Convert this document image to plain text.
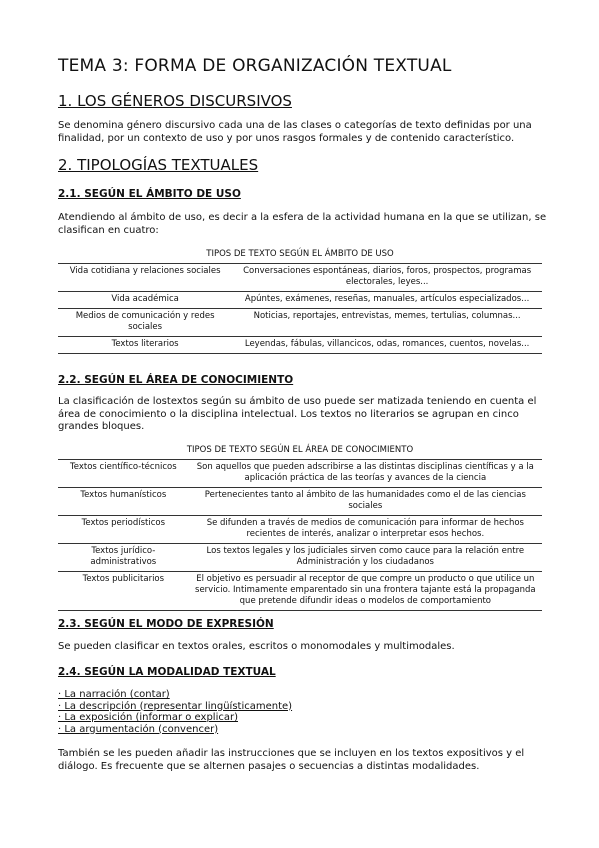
TEMA 3: FORMA DE ORGANIZACIÓN TEXTUAL
1. LOS GÉNEROS DISCURSIVOS

Se denomina género discursivo cada una de las clases o categorías de texto definidas por una finalidad, por un contexto de uso y por unos rasgos formales y de contenido característico.

2. TIPOLOGÍAS TEXTUALES
2.1. SEGÚN EL ÁMBITO DE USO

Atendiendo al ámbito de uso, es decir a la esfera de la actividad humana en la que se utilizan, se clasifican en cuatro:

TIPOS DE TEXTO SEGÚN EL ÁMBITO DE USO	
Vida cotidiana y relaciones sociales	Conversaciones espontáneas, diarios, foros, prospectos, programas electorales, leyes...
Vida académica	Apúntes, exámenes, reseñas, manuales, artículos especializados...
Medios de comunicación y redes sociales	Noticias, reportajes, entrevistas, memes, tertulias, columnas...
Textos literarios	Leyendas, fábulas, villancicos, odas, romances, cuentos, novelas...
2.2. SEGÚN EL ÁREA DE CONOCIMIENTO

La clasificación de lostextos según su ámbito de uso puede ser matizada teniendo en cuenta el área de conocimiento o la disciplina intelectual. Los textos no literarios se agrupan en cinco grandes bloques.

TIPOS DE TEXTO SEGÚN EL ÁREA DE CONOCIMIENTO	
Textos científico-técnicos	Son aquellos que pueden adscribirse a las distintas disciplinas científicas y a la aplicación práctica de las teorías y avances de la ciencia
Textos humanísticos	Pertenecientes tanto al ámbito de las humanidades como el de las ciencias sociales
Textos periodísticos	Se difunden a través de medios de comunicación para informar de hechos recientes de interés, analizar o interpretar esos hechos.
Textos jurídico-administrativos	Los textos legales y los judiciales sirven como cauce para la relación entre Administración y los ciudadanos
Textos publicitarios	El objetivo es persuadir al receptor de que compre un producto o que utilice un servicio. Intimamente emparentado sin una frontera tajante está la propaganda que pretende difundir ideas o modelos de comportamiento
2.3. SEGÚN EL MODO DE EXPRESIÓN

Se pueden clasificar en textos orales, escritos o monomodales y multimodales.

2.4. SEGÚN LA MODALIDAD TEXTUAL
· La narración (contar)
· La descripción (representar lingüísticamente)
· La exposición (informar o explicar)
· La argumentación (convencer)

También se les pueden añadir las instrucciones que se incluyen en los textos expositivos y el diálogo. Es frecuente que se alternen pasajes o secuencias a distintas modalidades.
